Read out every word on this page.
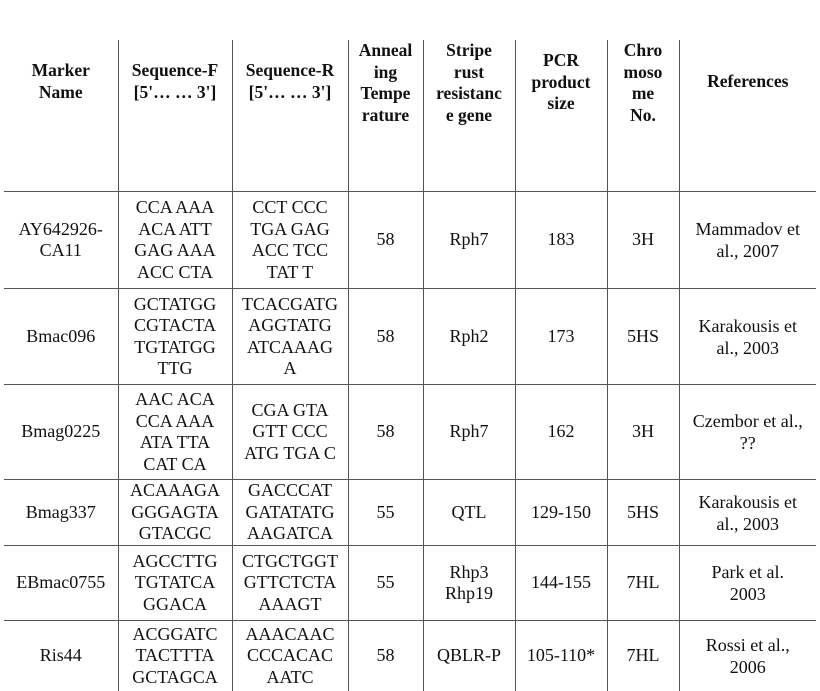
Marker
Name	Sequence-F
[5'… … 3']	Sequence-R
[5'… … 3']	Anneal
ing
Tempe
rature	Stripe
rust
resistanc
e gene	PCR
product
size	Chro
moso
me
No.	References

AY642926-
CA11	CCA AAA
ACA ATT
GAG AAA
ACC CTA	CCT CCC
TGA GAG
ACC TCC
TAT T	58	Rph7	183	3H	Mammadov et
al., 2007

Bmac096	GCTATGG
CGTACTA
TGTATGG
TTG	TCACGATG
AGGTATG
ATCAAAG
A	58	Rph2	173	5HS	Karakousis et
al., 2003

Bmag0225	AAC ACA
CCA AAA
ATA TTA
CAT CA	CGA GTA
GTT CCC
ATG TGA C	58	Rph7	162	3H	Czembor et al.,
??

Bmag337	ACAAAGA
GGGAGTA
GTACGC	GACCCAT
GATATATG
AAGATCA	55	QTL	129-150	5HS	Karakousis et
al., 2003

EBmac0755	AGCCTTG
TGTATCA
GGACA	CTGCTGGT
GTTCTCTA
AAAGT	55	Rhp3
Rhp19	144-155	7HL	Park et al.
2003

Ris44	ACGGATC
TACTTTA
GCTAGCA	AAACAAC
CCCACAC
AATC	58	QBLR-P	105-110*	7HL	Rossi et al.,
2006
